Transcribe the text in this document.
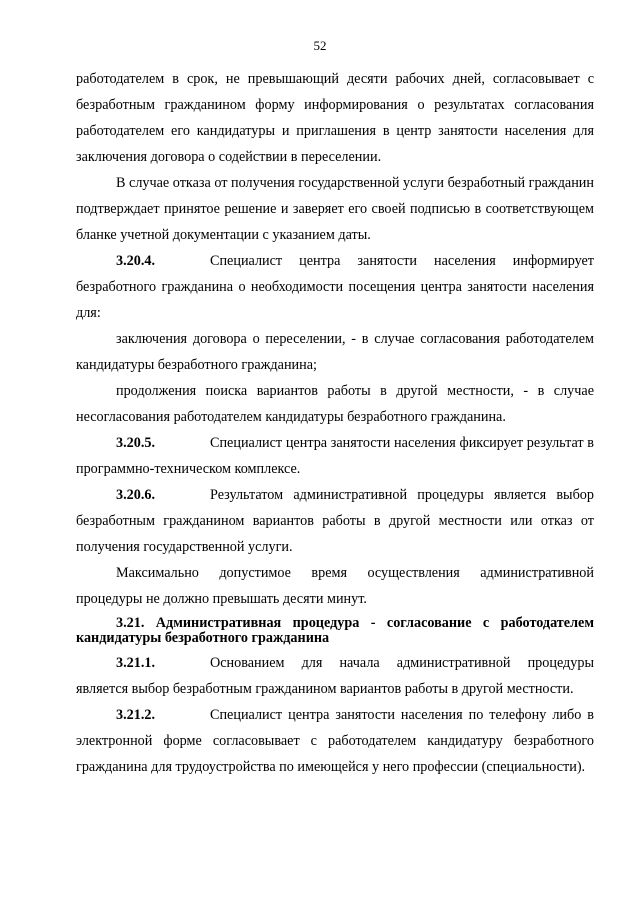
52

работодателем в срок, не превышающий десяти рабочих дней, согласовывает с безработным гражданином форму информирования о результатах согласования работодателем его кандидатуры и приглашения в центр занятости населения для заключения договора о содействии в переселении.

В случае отказа от получения государственной услуги безработный гражданин подтверждает принятое решение и заверяет его своей подписью в соответствующем бланке учетной документации с указанием даты.

3.20.4.	Специалист центра занятости населения информирует безработного гражданина о необходимости посещения центра занятости населения для:

заключения договора о переселении, - в случае согласования работодателем кандидатуры безработного гражданина;

продолжения поиска вариантов работы в другой местности, - в случае несогласования работодателем кандидатуры безработного гражданина.

3.20.5.	Специалист центра занятости населения фиксирует результат в программно-техническом комплексе.

3.20.6.	Результатом административной процедуры является выбор безработным гражданином вариантов работы в другой местности или отказ от получения государственной услуги.

Максимально допустимое время осуществления административной процедуры не должно превышать десяти минут.

3.21. Административная процедура - согласование с работодателем кандидатуры безработного гражданина

3.21.1.	Основанием для начала административной процедуры является выбор безработным гражданином вариантов работы в другой местности.

3.21.2.	Специалист центра занятости населения по телефону либо в электронной форме согласовывает с работодателем кандидатуру безработного гражданина для трудоустройства по имеющейся у него профессии (специальности).
